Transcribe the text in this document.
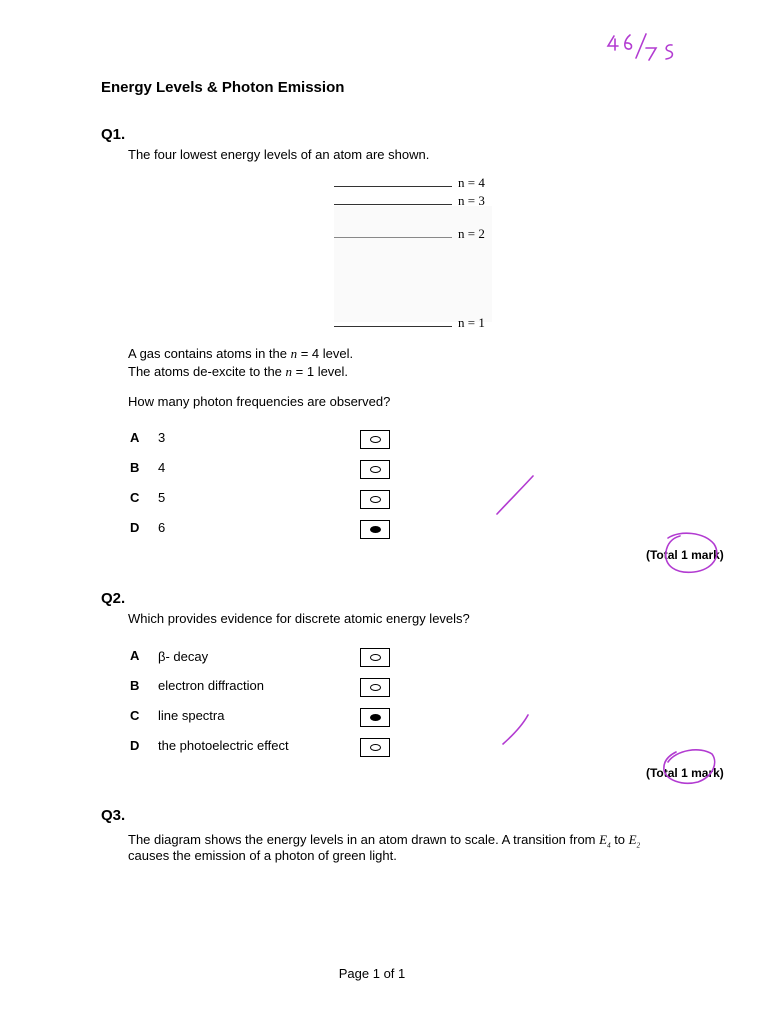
Energy Levels & Photon Emission
Q1.
The four lowest energy levels of an atom are shown.
n = 4
n = 3
n = 2
n = 1
A gas contains atoms in the n = 4 level.
The atoms de-excite to the n = 1 level.
How many photon frequencies are observed?
A 3
B 4
C 5
D 6
(Total 1 mark)
Q2.
Which provides evidence for discrete atomic energy levels?
A β- decay
B electron diffraction
C line spectra
D the photoelectric effect
(Total 1 mark)
Q3.
The diagram shows the energy levels in an atom drawn to scale. A transition from $E_4$ to $E_2$
causes the emission of a photon of green light.
Page 1 of 1
